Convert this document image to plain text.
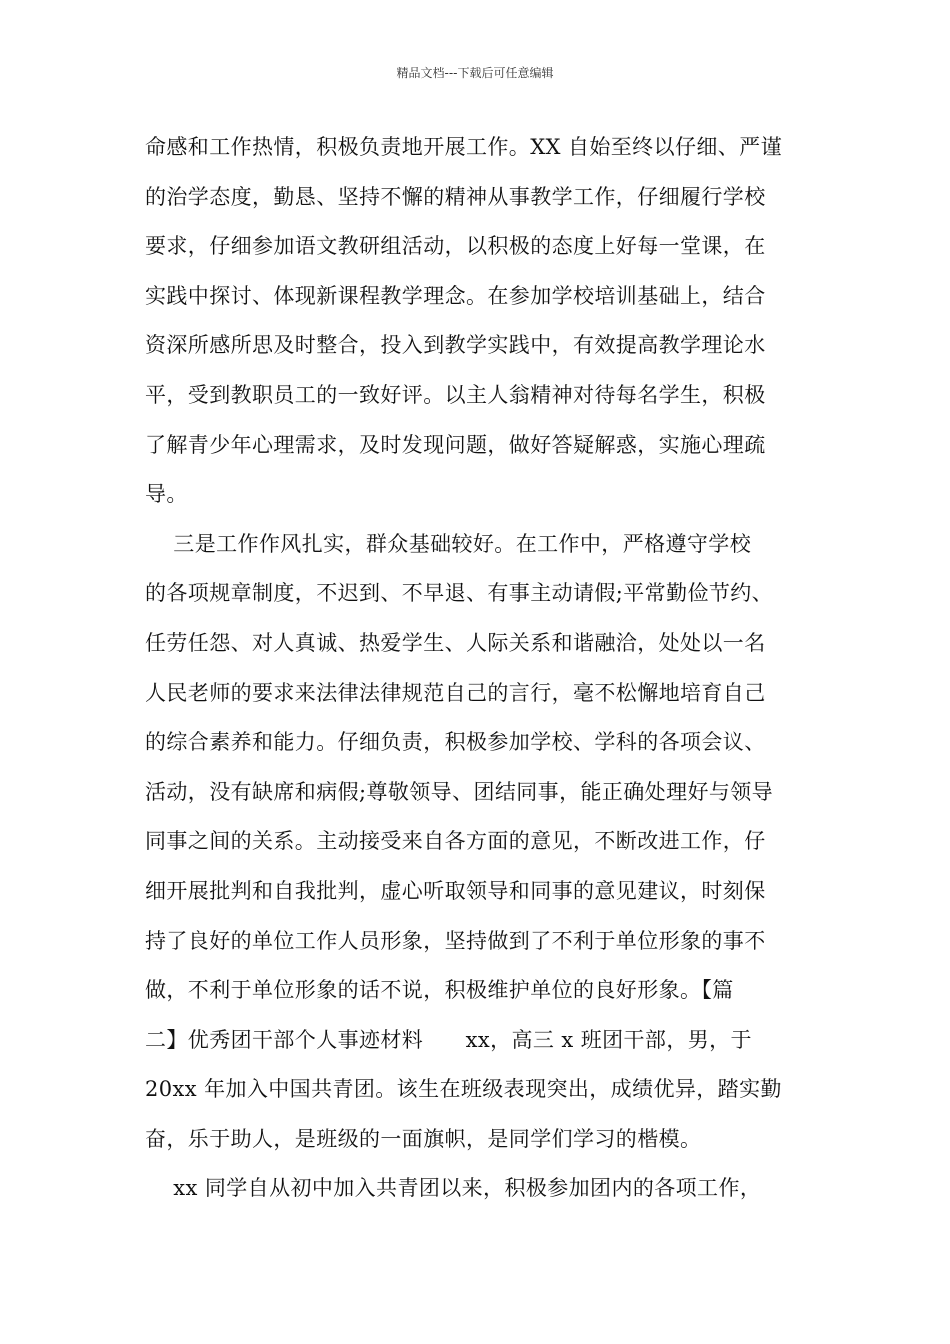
精品文档---下载后可任意编辑
命感和工作热情，积极负责地开展工作。XX 自始至终以仔细、严谨
的治学态度，勤恳、坚持不懈的精神从事教学工作，仔细履行学校
要求，仔细参加语文教研组活动，以积极的态度上好每一堂课，在
实践中探讨、体现新课程教学理念。在参加学校培训基础上，结合
资深所感所思及时整合，投入到教学实践中，有效提高教学理论水
平，受到教职员工的一致好评。以主人翁精神对待每名学生，积极
了解青少年心理需求，及时发现问题，做好答疑解惑，实施心理疏
导。
三是工作作风扎实，群众基础较好。在工作中，严格遵守学校
的各项规章制度，不迟到、不早退、有事主动请假;平常勤俭节约、
任劳任怨、对人真诚、热爱学生、人际关系和谐融洽，处处以一名
人民老师的要求来法律法律规范自己的言行，毫不松懈地培育自己
的综合素养和能力。仔细负责，积极参加学校、学科的各项会议、
活动，没有缺席和病假;尊敬领导、团结同事，能正确处理好与领导
同事之间的关系。主动接受来自各方面的意见，不断改进工作，仔
细开展批判和自我批判，虚心听取领导和同事的意见建议，时刻保
持了良好的单位工作人员形象，坚持做到了不利于单位形象的事不
做，不利于单位形象的话不说，积极维护单位的良好形象。【篇
二】优秀团干部个人事迹材料      xx，高三 x 班团干部，男，于
20xx 年加入中国共青团。该生在班级表现突出，成绩优异，踏实勤
奋，乐于助人，是班级的一面旗帜，是同学们学习的楷模。
xx 同学自从初中加入共青团以来，积极参加团内的各项工作，
